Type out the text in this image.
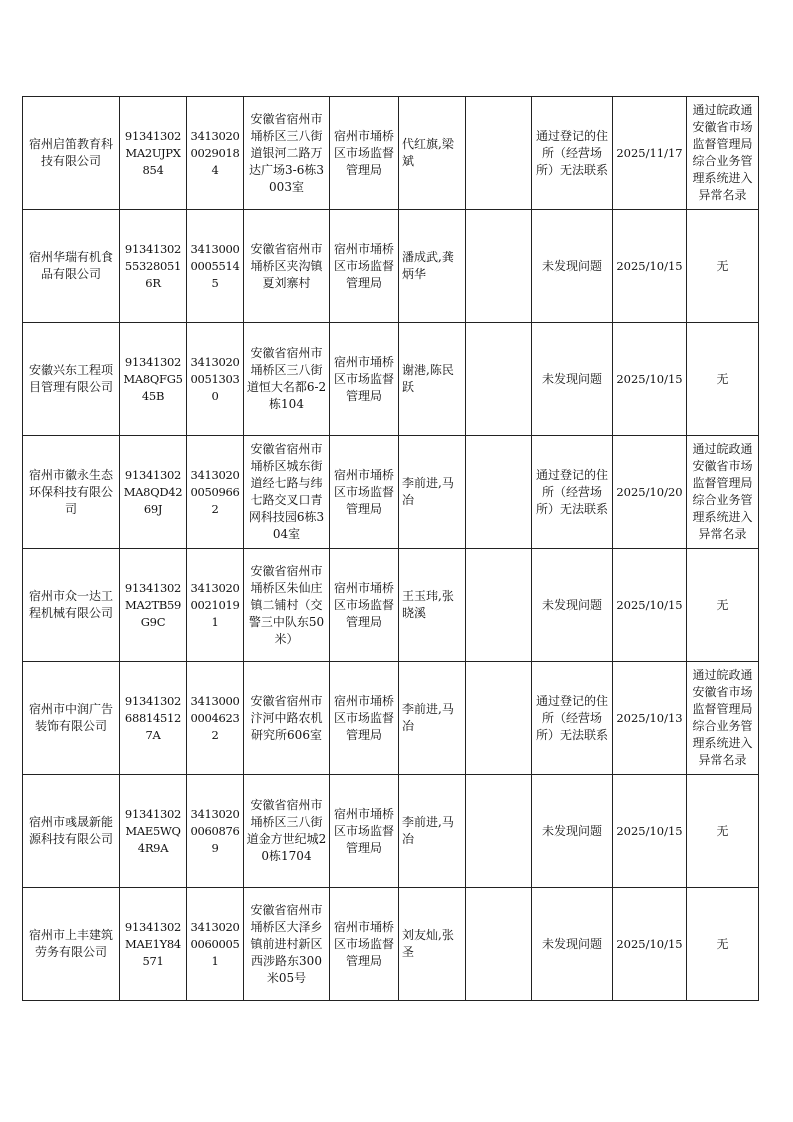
宿州启笛教育科技有限公司	91341302MA2UJPX854	341302000290184	安徽省宿州市埇桥区三八街道银河二路万达广场3-6栋3003室	宿州市埇桥区市场监督管理局	代红旗,梁斌		通过登记的住所（经营场所）无法联系	2025/11/17	通过皖政通安徽省市场监督管理局综合业务管理系统进入异常名录
宿州华瑞有机食品有限公司	91341302553280516R	341300000055145	安徽省宿州市埇桥区夹沟镇夏刘寨村	宿州市埇桥区市场监督管理局	潘成武,龚炳华		未发现问题	2025/10/15	无
安徽兴东工程项目管理有限公司	91341302MA8QFG545B	341302000513030	安徽省宿州市埇桥区三八街道恒大名都6-2栋104	宿州市埇桥区市场监督管理局	谢港,陈民跃		未发现问题	2025/10/15	无
宿州市徽永生态环保科技有限公司	91341302MA8QD4269J	341302000509662	安徽省宿州市埇桥区城东街道经七路与纬七路交叉口青网科技园6栋304室	宿州市埇桥区市场监督管理局	李前进,马冶		通过登记的住所（经营场所）无法联系	2025/10/20	通过皖政通安徽省市场监督管理局综合业务管理系统进入异常名录
宿州市众一达工程机械有限公司	91341302MA2TB59G9C	341302000210191	安徽省宿州市埇桥区朱仙庄镇二铺村（交警三中队东50米）	宿州市埇桥区市场监督管理局	王玉玮,张晓溪		未发现问题	2025/10/15	无
宿州市中润广告装饰有限公司	91341302688145127A	341300000046232	安徽省宿州市汴河中路农机研究所606室	宿州市埇桥区市场监督管理局	李前进,马冶		通过登记的住所（经营场所）无法联系	2025/10/13	通过皖政通安徽省市场监督管理局综合业务管理系统进入异常名录
宿州市彧晟新能源科技有限公司	91341302MAE5WQ4R9A	341302000608769	安徽省宿州市埇桥区三八街道金方世纪城20栋1704	宿州市埇桥区市场监督管理局	李前进,马冶		未发现问题	2025/10/15	无
宿州市上丰建筑劳务有限公司	91341302MAE1Y84571	341302000600051	安徽省宿州市埇桥区大泽乡镇前进村新区西涉路东300米05号	宿州市埇桥区市场监督管理局	刘友灿,张圣		未发现问题	2025/10/15	无
